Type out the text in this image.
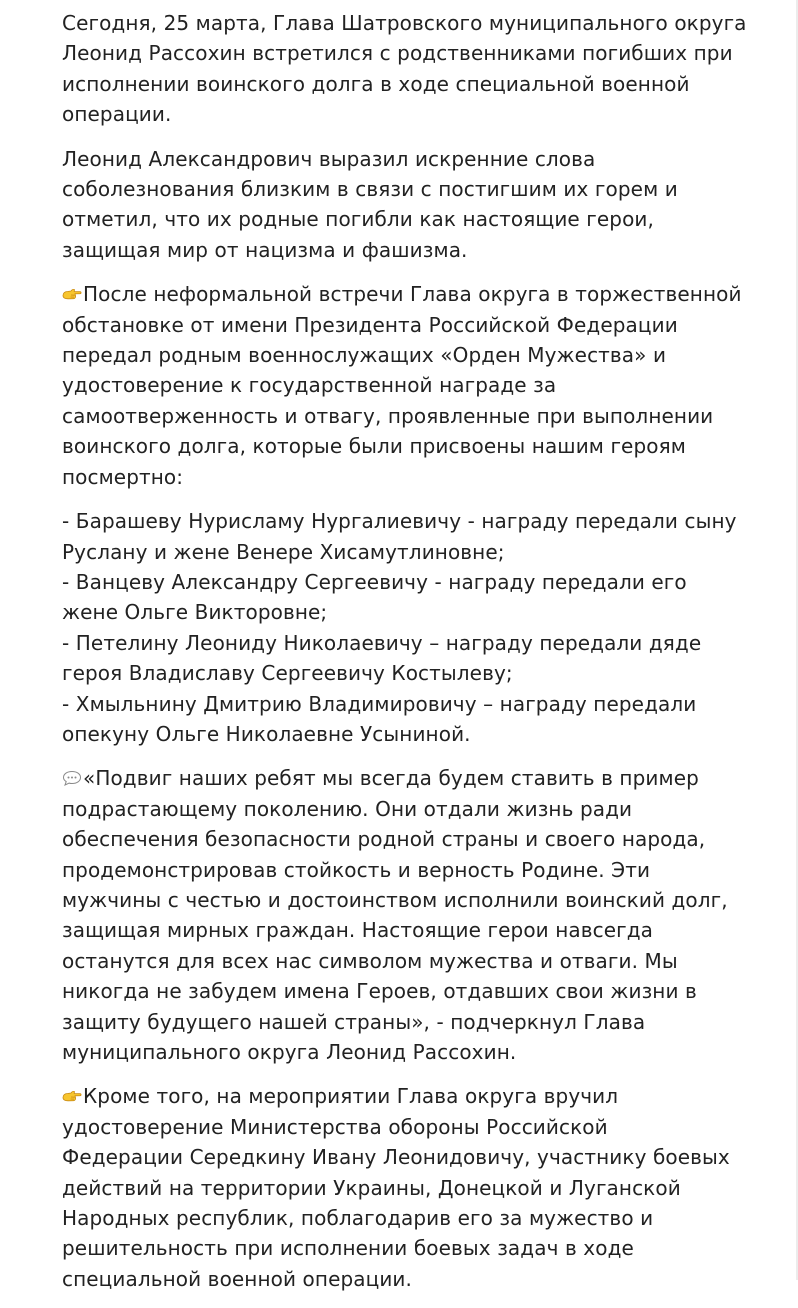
Сегодня, 25 марта, Глава Шатровского муниципального округа
Леонид Рассохин встретился с родственниками погибших при
исполнении воинского долга в ходе специальной военной
операции.

Леонид Александрович выразил искренние слова
соболезнования близким в связи с постигшим их горем и
отметил, что их родные погибли как настоящие герои,
защищая мир от нацизма и фашизма.

После неформальной встречи Глава округа в торжественной
обстановке от имени Президента Российской Федерации
передал родным военнослужащих «Орден Мужества» и
удостоверение к государственной награде за
самоотверженность и отвагу, проявленные при выполнении
воинского долга, которые были присвоены нашим героям
посмертно:

- Барашеву Нурисламу Нургалиевичу - награду передали сыну
Руслану и жене Венере Хисамутлиновне;
- Ванцеву Александру Сергеевичу - награду передали его
жене Ольге Викторовне;
- Петелину Леониду Николаевичу – награду передали дяде
героя Владиславу Сергеевичу Костылеву;
- Хмыльнину Дмитрию Владимировичу – награду передали
опекуну Ольге Николаевне Усыниной.

«Подвиг наших ребят мы всегда будем ставить в пример
подрастающему поколению. Они отдали жизнь ради
обеспечения безопасности родной страны и своего народа,
продемонстрировав стойкость и верность Родине. Эти
мужчины с честью и достоинством исполнили воинский долг,
защищая мирных граждан. Настоящие герои навсегда
останутся для всех нас символом мужества и отваги. Мы
никогда не забудем имена Героев, отдавших свои жизни в
защиту будущего нашей страны», - подчеркнул Глава
муниципального округа Леонид Рассохин.

Кроме того, на мероприятии Глава округа вручил
удостоверение Министерства обороны Российской
Федерации Середкину Ивану Леонидовичу, участнику боевых
действий на территории Украины, Донецкой и Луганской
Народных республик, поблагодарив его за мужество и
решительность при исполнении боевых задач в ходе
специальной военной операции.
